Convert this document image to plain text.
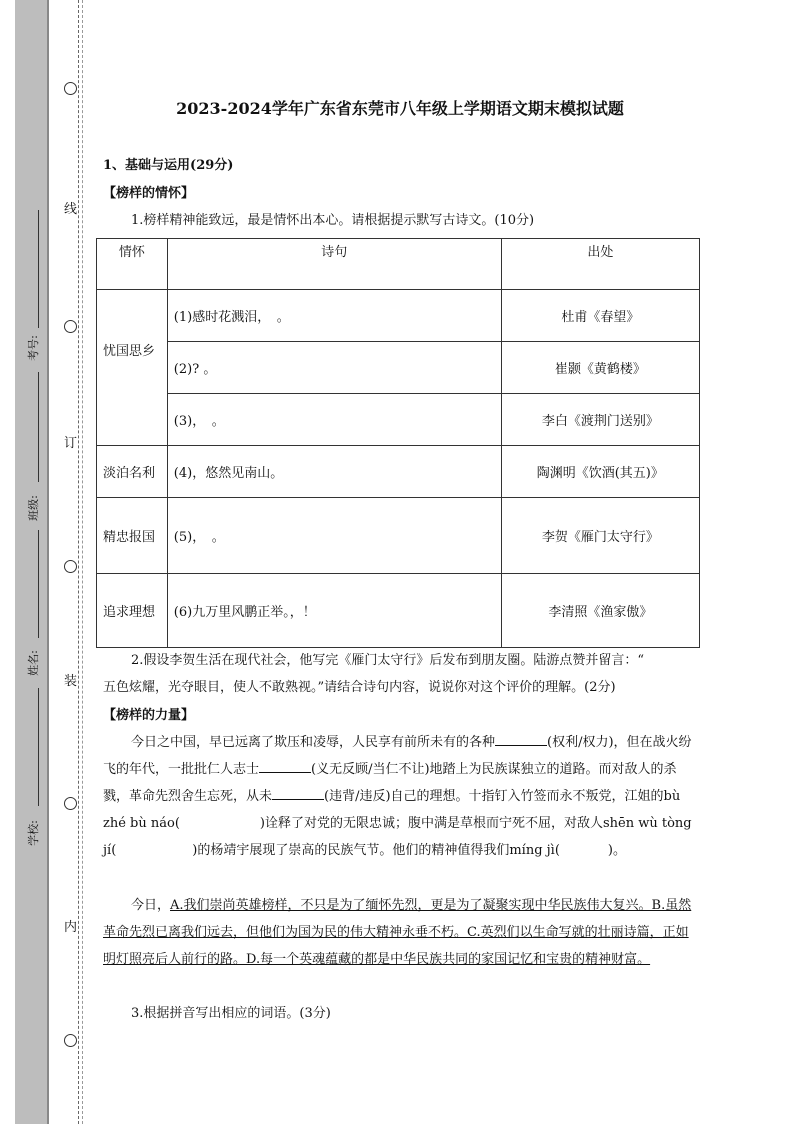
线
订
装
内
考号:
班级:
姓名:
学校:
2023-2024学年广东省东莞市八年级上学期语文期末模拟试题
1、基础与运用(29分)
【榜样的情怀】
1.榜样精神能致远，最是情怀出本心。请根据提示默写古诗文。(10分)
情怀	诗句	出处
忧国思乡	(1)感时花溅泪，　。	杜甫《春望》
	(2)? 。	崔颢《黄鹤楼》
	(3)，　。	李白《渡荆门送别》
淡泊名利	(4)，悠然见南山。	陶渊明《饮酒(其五)》
精忠报国	(5)，　。	李贺《雁门太守行》
追求理想	(6)九万里风鹏正举。，！	李清照《渔家傲》
2.假设李贺生活在现代社会，他写完《雁门太守行》后发布到朋友圈。陆游点赞并留言：“
五色炫耀，光夺眼目，使人不敢熟视。”请结合诗句内容，说说你对这个评价的理解。(2分)
【榜样的力量】
今日之中国，早已远离了欺压和凌辱，人民享有前所未有的各种	(权利/权力)，但在战火纷飞的年代，一批批仁人志士	(义无反顾/当仁不让)地踏上为民族谋独立的道路。而对敌人的杀戮，革命先烈舍生忘死，从未	(违背/违反)自己的理想。十指钉入竹签而永不叛党，江姐的bù zhé bù náo(	)诠释了对党的无限忠诚；腹中满是草根而宁死不屈，对敌人shēn wù tòng jí(	)的杨靖宇展现了崇高的民族气节。他们的精神值得我们míng jì(	)。
今日，A.我们崇尚英雄榜样，不只是为了缅怀先烈，更是为了凝聚实现中华民族伟大复兴。B.虽然革命先烈已离我们远去，但他们为国为民的伟大精神永垂不朽。C.英烈们以生命写就的壮丽诗篇，正如明灯照亮后人前行的路。D.每一个英魂蕴藏的都是中华民族共同的家国记忆和宝贵的精神财富。
3.根据拼音写出相应的词语。(3分)
